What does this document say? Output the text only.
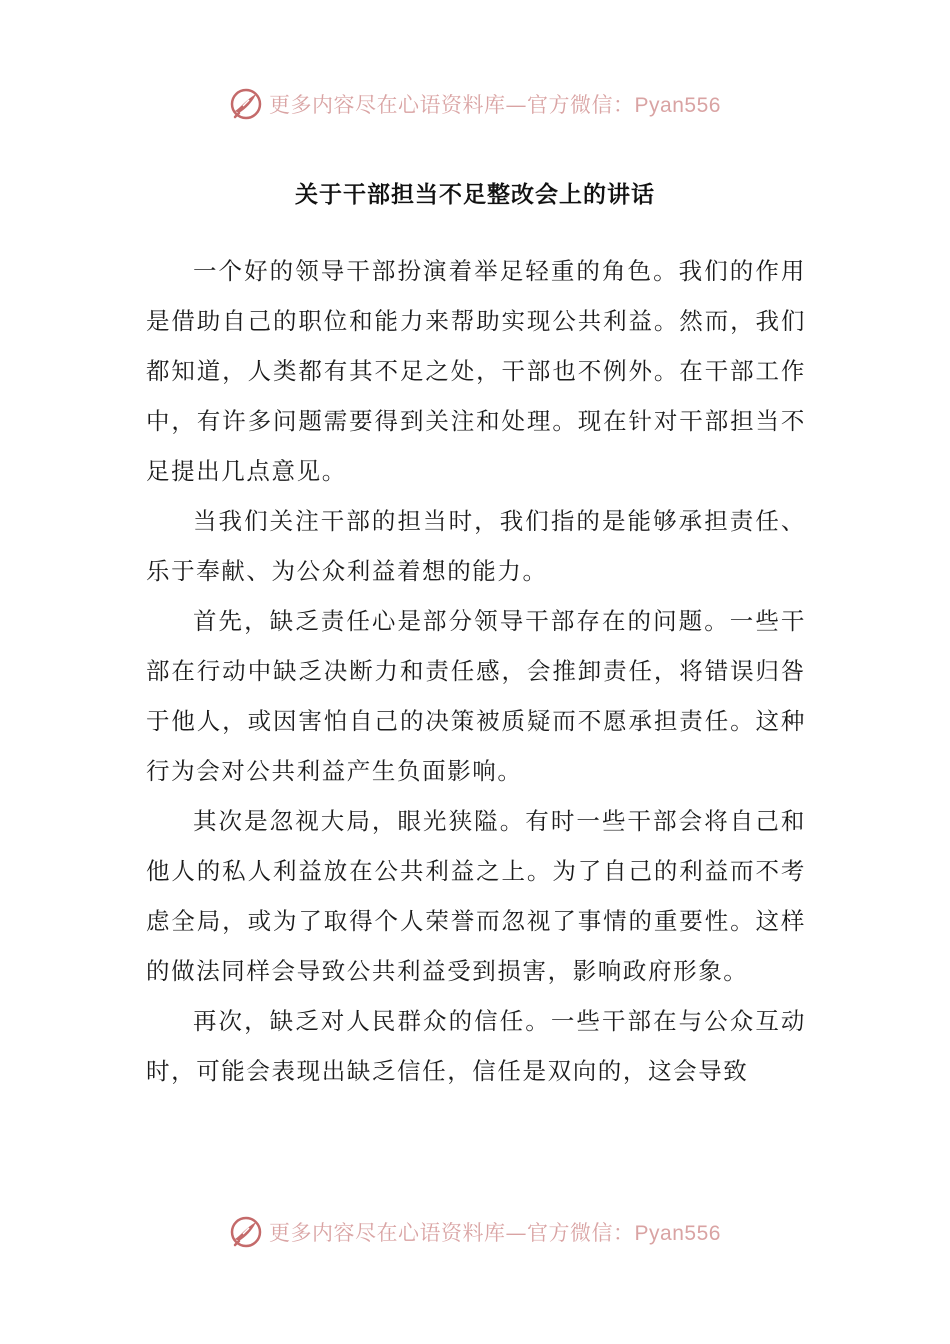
更多内容尽在心语资料库—官方微信：Pyan556
关于干部担当不足整改会上的讲话

一个好的领导干部扮演着举足轻重的角色。我们的作用是借助自己的职位和能力来帮助实现公共利益。然而，我们都知道，人类都有其不足之处，干部也不例外。在干部工作中，有许多问题需要得到关注和处理。现在针对干部担当不足提出几点意见。

当我们关注干部的担当时，我们指的是能够承担责任、乐于奉献、为公众利益着想的能力。

首先，缺乏责任心是部分领导干部存在的问题。一些干部在行动中缺乏决断力和责任感，会推卸责任，将错误归咎于他人，或因害怕自己的决策被质疑而不愿承担责任。这种行为会对公共利益产生负面影响。

其次是忽视大局，眼光狭隘。有时一些干部会将自己和他人的私人利益放在公共利益之上。为了自己的利益而不考虑全局，或为了取得个人荣誉而忽视了事情的重要性。这样的做法同样会导致公共利益受到损害，影响政府形象。

再次，缺乏对人民群众的信任。一些干部在与公众互动时，可能会表现出缺乏信任，信任是双向的，这会导致

更多内容尽在心语资料库—官方微信：Pyan556
